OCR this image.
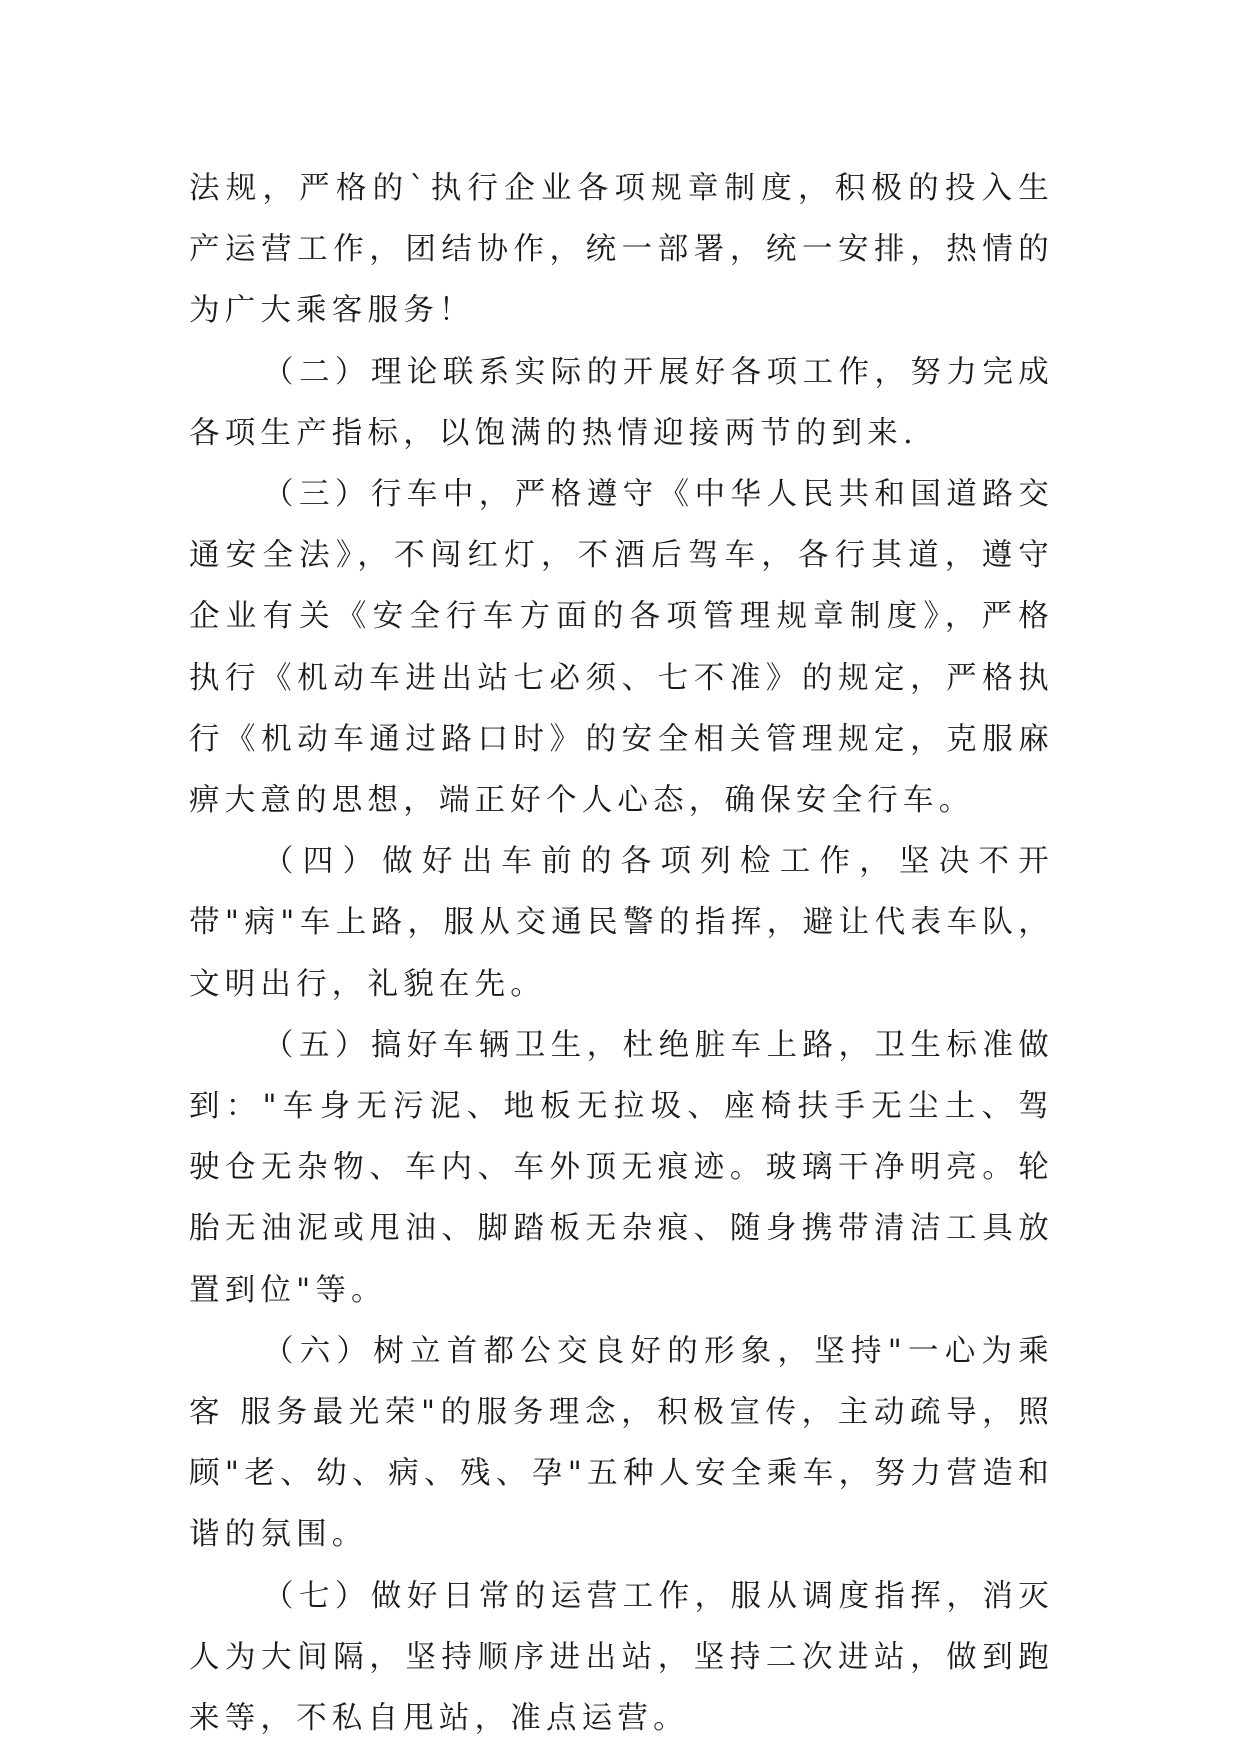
法规，严格的`执行企业各项规章制度，积极的投入生产运营工作，团结协作，统一部署，统一安排，热情的为广大乘客服务！

（二）理论联系实际的开展好各项工作，努力完成各项生产指标，以饱满的热情迎接两节的到来.

（三）行车中，严格遵守《中华人民共和国道路交通安全法》，不闯红灯，不酒后驾车，各行其道，遵守企业有关《安全行车方面的各项管理规章制度》，严格执行《机动车进出站七必须、七不准》的规定，严格执行《机动车通过路口时》的安全相关管理规定，克服麻痹大意的思想，端正好个人心态，确保安全行车。

（四）做好出车前的各项列检工作，坚决不开带"病"车上路，服从交通民警的指挥，避让代表车队，文明出行，礼貌在先。

（五）搞好车辆卫生，杜绝脏车上路，卫生标准做到："车身无污泥、地板无拉圾、座椅扶手无尘土、驾驶仓无杂物、车内、车外顶无痕迹。玻璃干净明亮。轮胎无油泥或甩油、脚踏板无杂痕、随身携带清洁工具放置到位"等。

（六）树立首都公交良好的形象，坚持"一心为乘客 服务最光荣"的服务理念，积极宣传，主动疏导，照顾"老、幼、病、残、孕"五种人安全乘车，努力营造和谐的氛围。

（七）做好日常的运营工作，服从调度指挥，消灭人为大间隔，坚持顺序进出站，坚持二次进站，做到跑来等，不私自甩站，准点运营。
